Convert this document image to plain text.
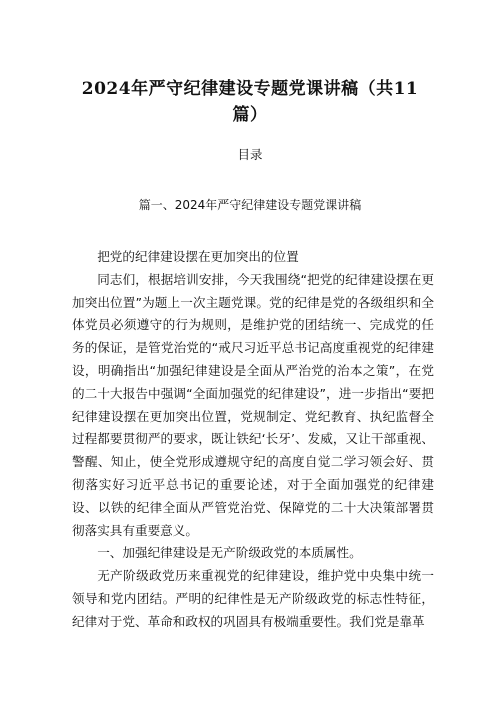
2024年严守纪律建设专题党课讲稿（共11篇）
目录
篇一、2024年严守纪律建设专题党课讲稿

把党的纪律建设摆在更加突出的位置

同志们，根据培训安排，今天我围绕“把党的纪律建设摆在更加突出位置”为题上一次主题党课。党的纪律是党的各级组织和全体党员必须遵守的行为规则，是维护党的团结统一、完成党的任务的保证，是管党治党的“戒尺习近平总书记高度重视党的纪律建设，明确指出“加强纪律建设是全面从严治党的治本之策”，在党的二十大报告中强调“全面加强党的纪律建设”，进一步指出“要把纪律建设摆在更加突出位置，党规制定、党纪教育、执纪监督全过程都要贯彻严的要求，既让铁纪‘长牙’、发威，又让干部重视、警醒、知止，使全党形成遵规守纪的高度自觉二学习领会好、贯彻落实好习近平总书记的重要论述，对于全面加强党的纪律建设、以铁的纪律全面从严管党治党、保障党的二十大决策部署贯彻落实具有重要意义。

一、加强纪律建设是无产阶级政党的本质属性。

无产阶级政党历来重视党的纪律建设，维护党中央集中统一领导和党内团结。严明的纪律性是无产阶级政党的标志性特征，纪律对于党、革命和政权的巩固具有极端重要性。我们党是靠革
